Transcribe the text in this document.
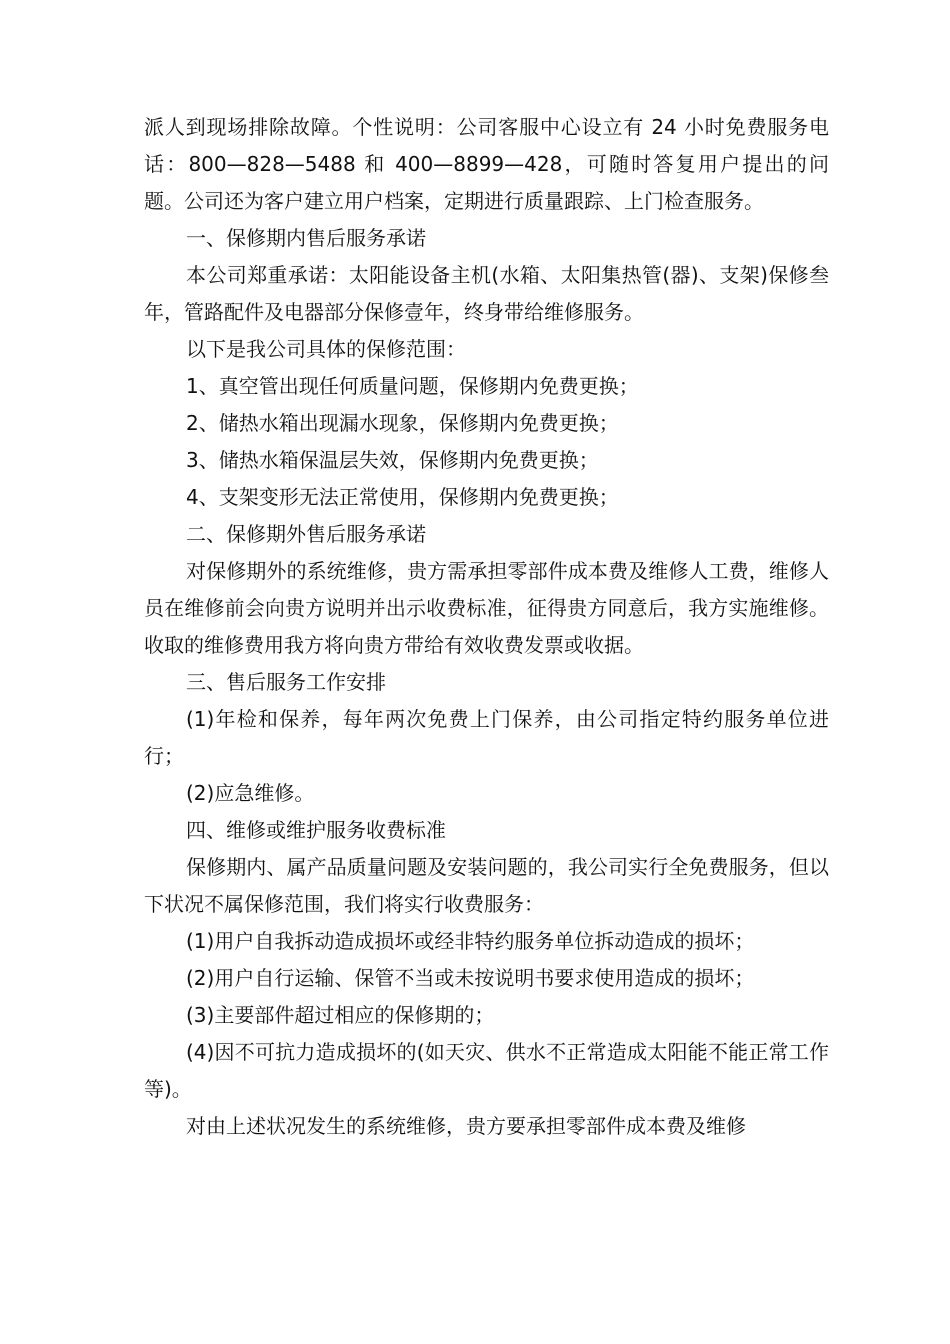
派人到现场排除故障。个性说明：公司客服中心设立有 24 小时免费服务电话：800—828—5488 和 400—8899—428，可随时答复用户提出的问题。公司还为客户建立用户档案，定期进行质量跟踪、上门检查服务。

一、保修期内售后服务承诺

本公司郑重承诺：太阳能设备主机(水箱、太阳集热管(器)、支架)保修叁年，管路配件及电器部分保修壹年，终身带给维修服务。

以下是我公司具体的保修范围：

1、真空管出现任何质量问题，保修期内免费更换；

2、储热水箱出现漏水现象，保修期内免费更换；

3、储热水箱保温层失效，保修期内免费更换；

4、支架变形无法正常使用，保修期内免费更换；

二、保修期外售后服务承诺

对保修期外的系统维修，贵方需承担零部件成本费及维修人工费，维修人员在维修前会向贵方说明并出示收费标准，征得贵方同意后，我方实施维修。收取的维修费用我方将向贵方带给有效收费发票或收据。

三、售后服务工作安排

(1)年检和保养，每年两次免费上门保养，由公司指定特约服务单位进行；

(2)应急维修。

四、维修或维护服务收费标准

保修期内、属产品质量问题及安装问题的，我公司实行全免费服务，但以下状况不属保修范围，我们将实行收费服务：

(1)用户自我拆动造成损坏或经非特约服务单位拆动造成的损坏；

(2)用户自行运输、保管不当或未按说明书要求使用造成的损坏；

(3)主要部件超过相应的保修期的；

(4)因不可抗力造成损坏的(如天灾、供水不正常造成太阳能不能正常工作等)。

对由上述状况发生的系统维修，贵方要承担零部件成本费及维修
